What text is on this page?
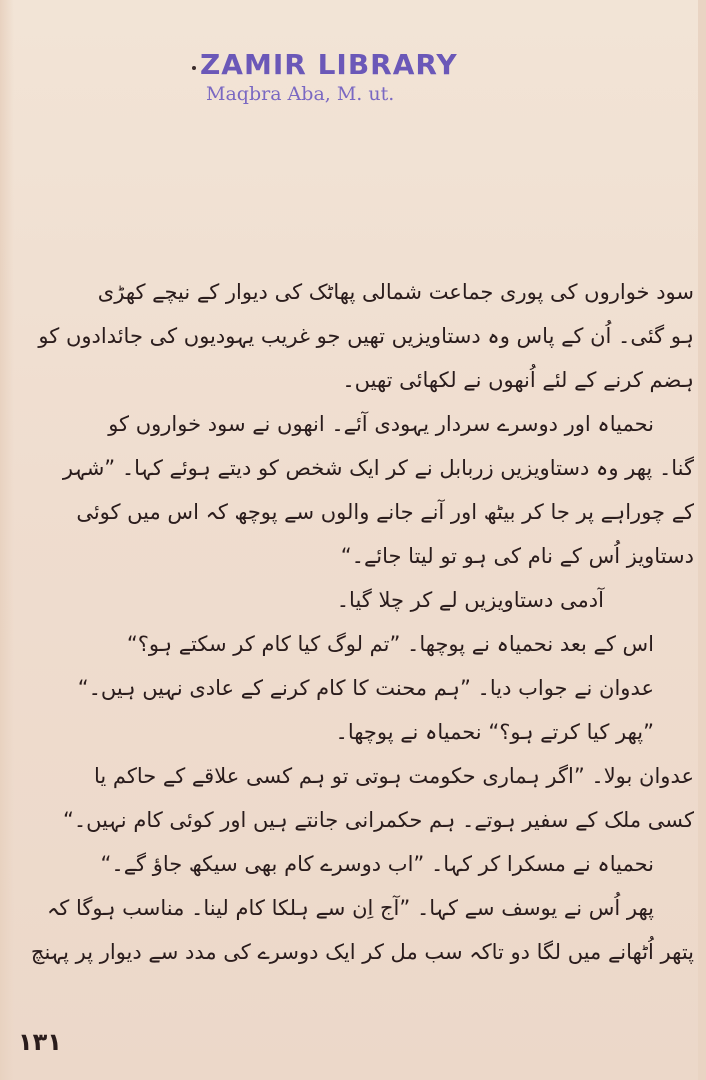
ZAMIR LIBRARY
Maqbra Aba, M. ut.
سود خواروں کی پوری جماعت شمالی پھاٹک کی دیوار کے نیچے کھڑی
ہو گئی۔ اُن کے پاس وہ دستاویزیں تھیں جو غریب یہودیوں کی جائدادوں کو
ہضم کرنے کے لئے اُنھوں نے لکھائی تھیں۔
نحمیاہ اور دوسرے سردار یہودی آئے۔ انھوں نے سود خواروں کو
گنا۔ پھر وہ دستاویزیں زربابل نے کر ایک شخص کو دیتے ہوئے کہا۔ ”شہر
کے چوراہے پر جا کر بیٹھ اور آنے جانے والوں سے پوچھ کہ اس میں کوئی
دستاویز اُس کے نام کی ہو تو لیتا جائے۔“
آدمی دستاویزیں لے کر چلا گیا۔
اس کے بعد نحمیاہ نے پوچھا۔ ”تم لوگ کیا کام کر سکتے ہو؟“
عدوان نے جواب دیا۔ ”ہم محنت کا کام کرنے کے عادی نہیں ہیں۔“
”پھر کیا کرتے ہو؟“ نحمیاہ نے پوچھا۔
عدوان بولا۔ ”اگر ہماری حکومت ہوتی تو ہم کسی علاقے کے حاکم یا
کسی ملک کے سفیر ہوتے۔ ہم حکمرانی جانتے ہیں اور کوئی کام نہیں۔“
نحمیاہ نے مسکرا کر کہا۔ ”اب دوسرے کام بھی سیکھ جاؤ گے۔“
پھر اُس نے یوسف سے کہا۔ ”آج اِن سے ہلکا کام لینا۔ مناسب ہوگا کہ
پتھر اُٹھانے میں لگا دو تاکہ سب مل کر ایک دوسرے کی مدد سے دیوار پر پہنچ
۱۳۱
